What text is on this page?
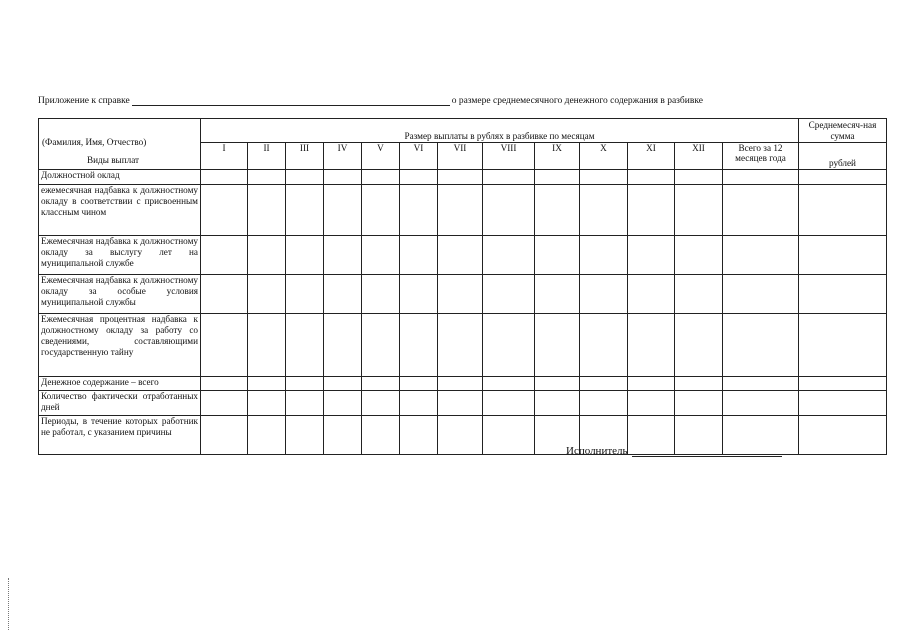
Приложение к справке	о размере среднемесячного денежного содержания в разбивке
(Фамилия, Имя, Отчество)
Виды выплат	Размер выплаты в рублях в разбивке по месяцам													Среднемесяч-ная сумма
	I	II	III	IV	V	VI	VII	VIII	IX	X	XI	XII	Всего за 12 месяцев года	рублей
Должностной оклад														
ежемесячная надбавка к должностному окладу в соответствии с присвоенным классным чином														
Ежемесячная надбавка к должностному окладу за выслугу лет на муниципальной службе														
Ежемесячная надбавка к должностному окладу за особые условия муниципальной службы														
Ежемесячная процентная надбавка к должностному окладу за работу со сведениями, составляющими государственную тайну														
Денежное содержание – всего														
Количество фактически отработанных дней														
Периоды, в течение которых работник не работал, с указанием причины														
Исполнитель
